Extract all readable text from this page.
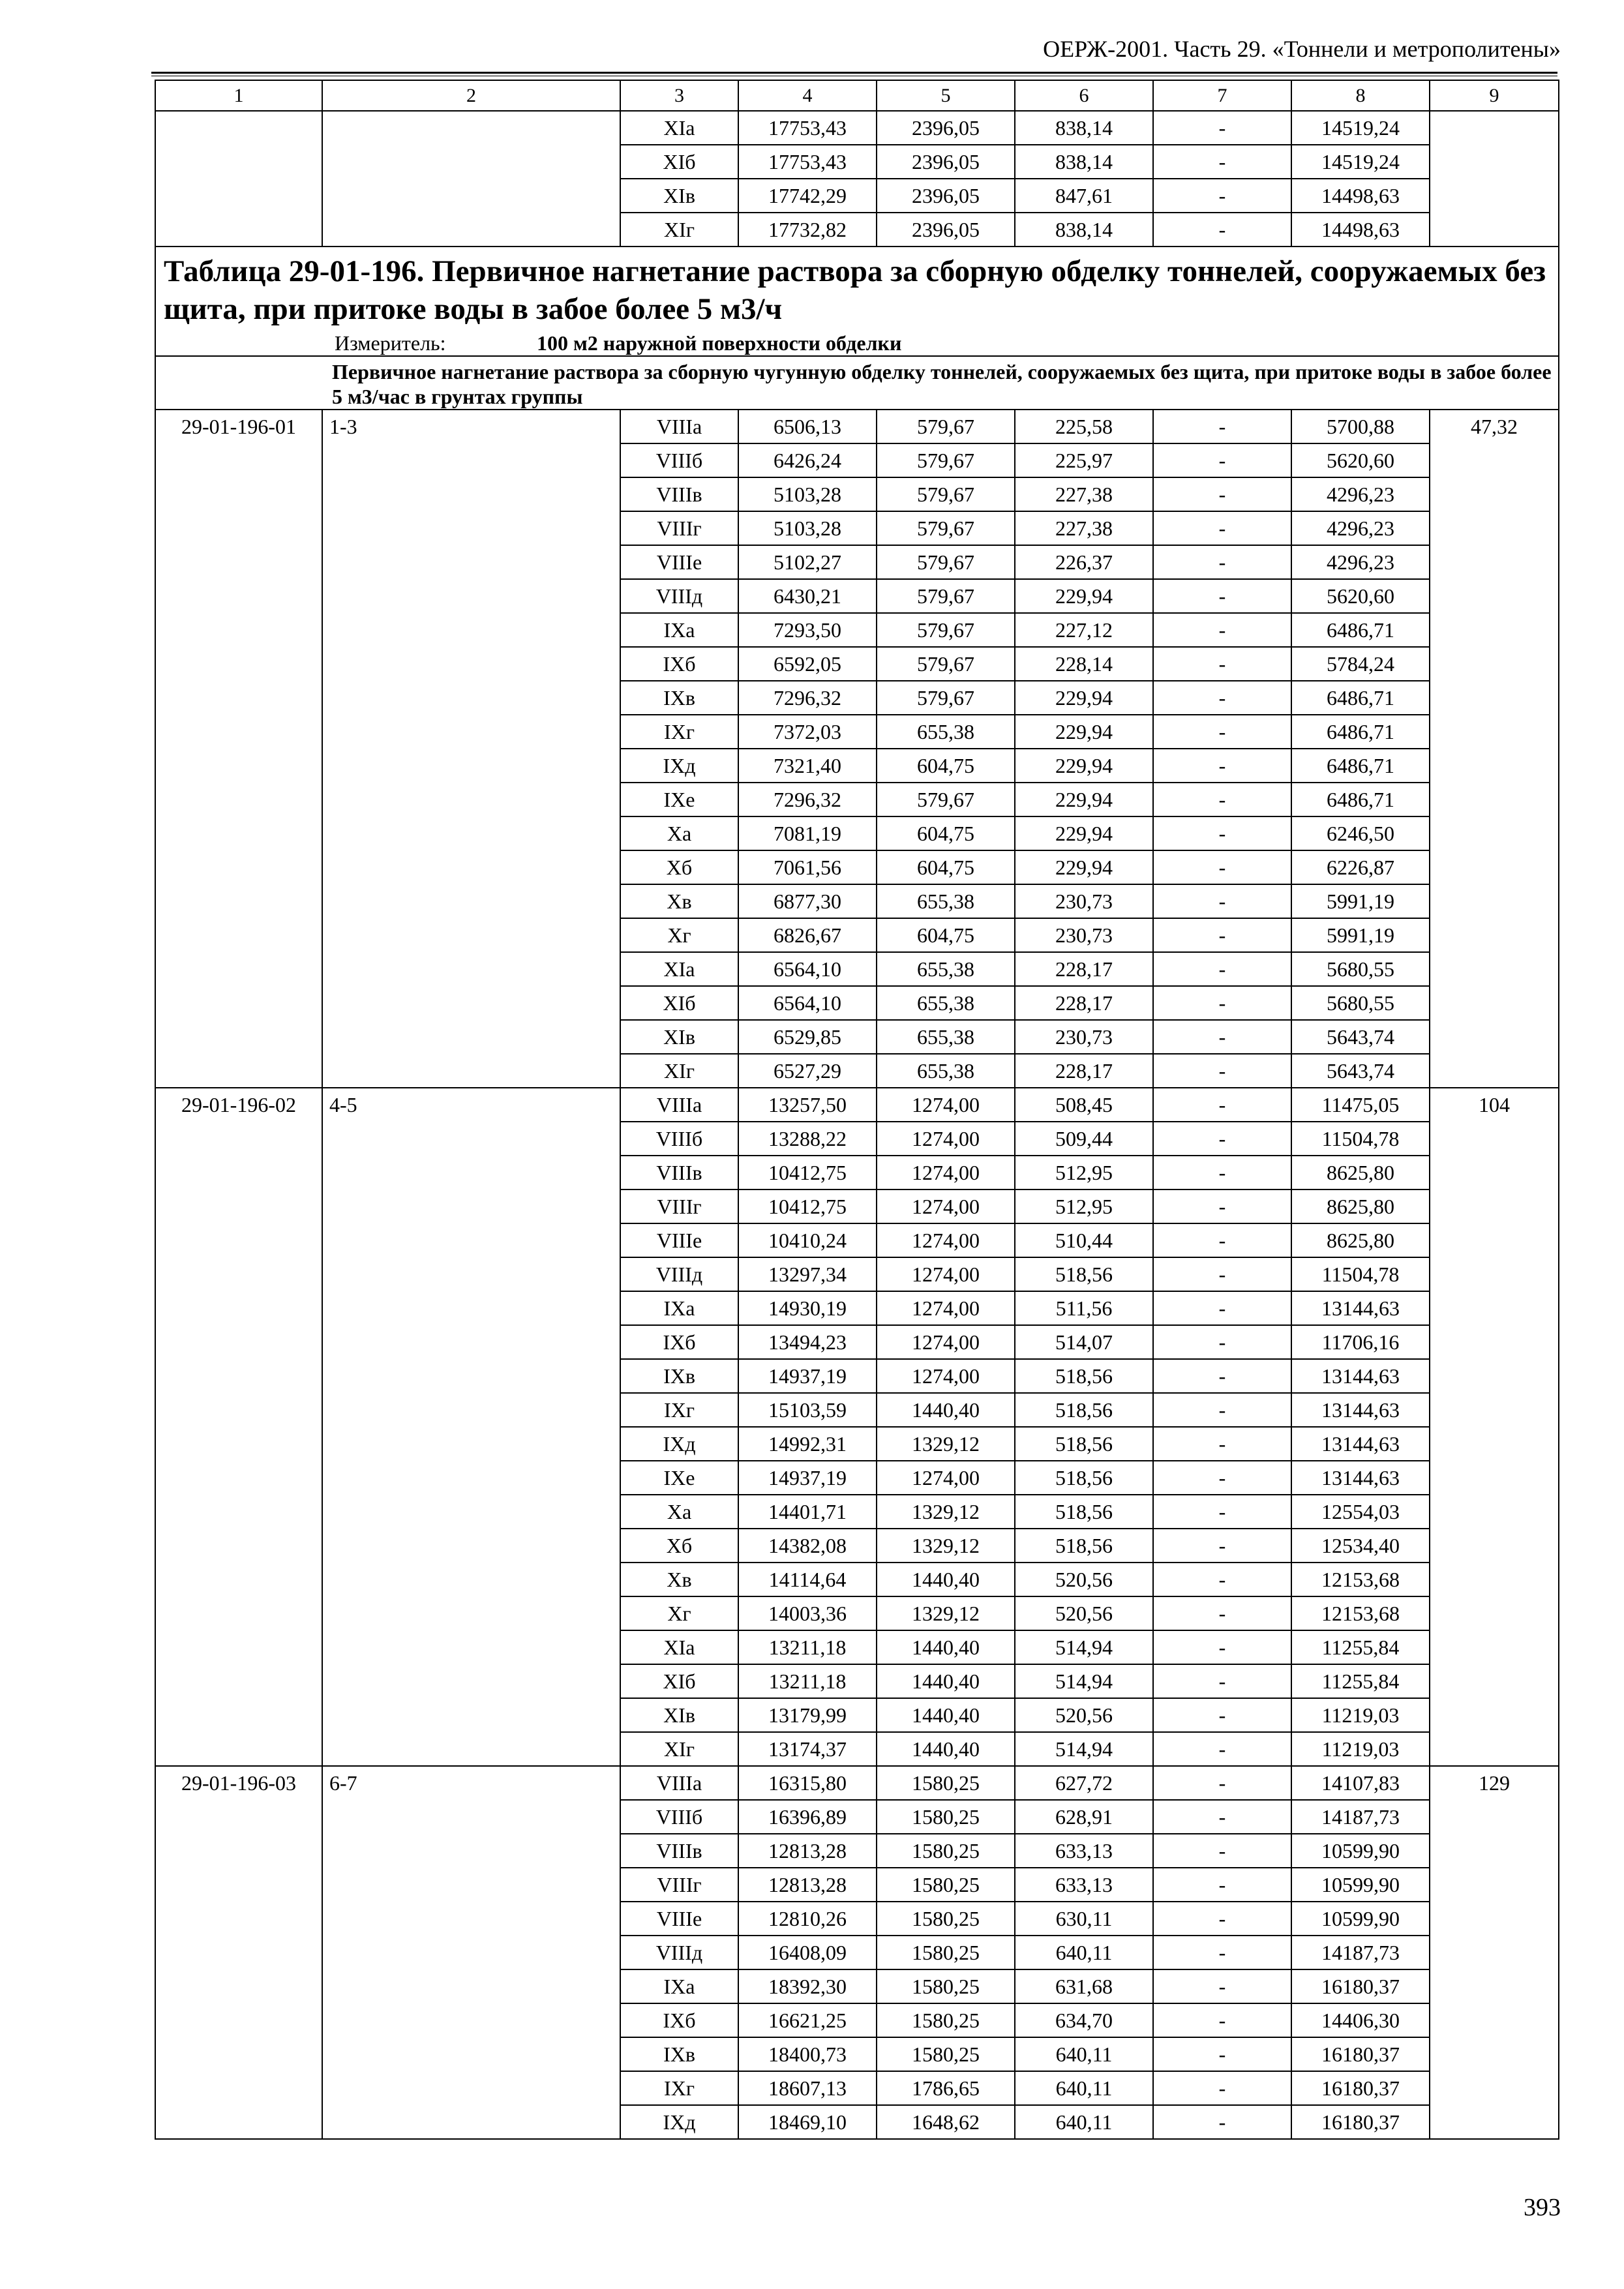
ОЕРЖ-2001. Часть 29. «Тоннели и метрополитены»
1	2	3	4	5	6	7	8	9
		XIа	17753,43	2396,05	838,14	-	14519,24	
		XIб	17753,43	2396,05	838,14	-	14519,24	
		XIв	17742,29	2396,05	847,61	-	14498,63	
		XIг	17732,82	2396,05	838,14	-	14498,63	

Таблица 29-01-196. Первичное нагнетание раствора за сборную обделку тоннелей, сооружаемых без щита, при притоке воды в забое более 5 м3/ч
Измеритель: 100 м2 наружной поверхности обделки								

Первичное нагнетание раствора за сборную чугунную обделку тоннелей, сооружаемых без щита, при притоке воды в забое более 5 м3/час в грунтах группы								
29-01-196-01	1-3	VIIIа	6506,13	579,67	225,58	-	5700,88	47,32
		VIIIб	6426,24	579,67	225,97	-	5620,60	
		VIIIв	5103,28	579,67	227,38	-	4296,23	
		VIIIг	5103,28	579,67	227,38	-	4296,23	
		VIIIе	5102,27	579,67	226,37	-	4296,23	
		VIIIд	6430,21	579,67	229,94	-	5620,60	
		IXа	7293,50	579,67	227,12	-	6486,71	
		IXб	6592,05	579,67	228,14	-	5784,24	
		IXв	7296,32	579,67	229,94	-	6486,71	
		IXг	7372,03	655,38	229,94	-	6486,71	
		IXд	7321,40	604,75	229,94	-	6486,71	
		IXе	7296,32	579,67	229,94	-	6486,71	
		Xа	7081,19	604,75	229,94	-	6246,50	
		Xб	7061,56	604,75	229,94	-	6226,87	
		Xв	6877,30	655,38	230,73	-	5991,19	
		Xг	6826,67	604,75	230,73	-	5991,19	
		XIа	6564,10	655,38	228,17	-	5680,55	
		XIб	6564,10	655,38	228,17	-	5680,55	
		XIв	6529,85	655,38	230,73	-	5643,74	
		XIг	6527,29	655,38	228,17	-	5643,74	
29-01-196-02	4-5	VIIIа	13257,50	1274,00	508,45	-	11475,05	104
		VIIIб	13288,22	1274,00	509,44	-	11504,78	
		VIIIв	10412,75	1274,00	512,95	-	8625,80	
		VIIIг	10412,75	1274,00	512,95	-	8625,80	
		VIIIе	10410,24	1274,00	510,44	-	8625,80	
		VIIIд	13297,34	1274,00	518,56	-	11504,78	
		IXа	14930,19	1274,00	511,56	-	13144,63	
		IXб	13494,23	1274,00	514,07	-	11706,16	
		IXв	14937,19	1274,00	518,56	-	13144,63	
		IXг	15103,59	1440,40	518,56	-	13144,63	
		IXд	14992,31	1329,12	518,56	-	13144,63	
		IXе	14937,19	1274,00	518,56	-	13144,63	
		Xа	14401,71	1329,12	518,56	-	12554,03	
		Xб	14382,08	1329,12	518,56	-	12534,40	
		Xв	14114,64	1440,40	520,56	-	12153,68	
		Xг	14003,36	1329,12	520,56	-	12153,68	
		XIа	13211,18	1440,40	514,94	-	11255,84	
		XIб	13211,18	1440,40	514,94	-	11255,84	
		XIв	13179,99	1440,40	520,56	-	11219,03	
		XIг	13174,37	1440,40	514,94	-	11219,03	
29-01-196-03	6-7	VIIIа	16315,80	1580,25	627,72	-	14107,83	129
		VIIIб	16396,89	1580,25	628,91	-	14187,73	
		VIIIв	12813,28	1580,25	633,13	-	10599,90	
		VIIIг	12813,28	1580,25	633,13	-	10599,90	
		VIIIе	12810,26	1580,25	630,11	-	10599,90	
		VIIIд	16408,09	1580,25	640,11	-	14187,73	
		IXа	18392,30	1580,25	631,68	-	16180,37	
		IXб	16621,25	1580,25	634,70	-	14406,30	
		IXв	18400,73	1580,25	640,11	-	16180,37	
		IXг	18607,13	1786,65	640,11	-	16180,37	
		IXд	18469,10	1648,62	640,11	-	16180,37	
393
